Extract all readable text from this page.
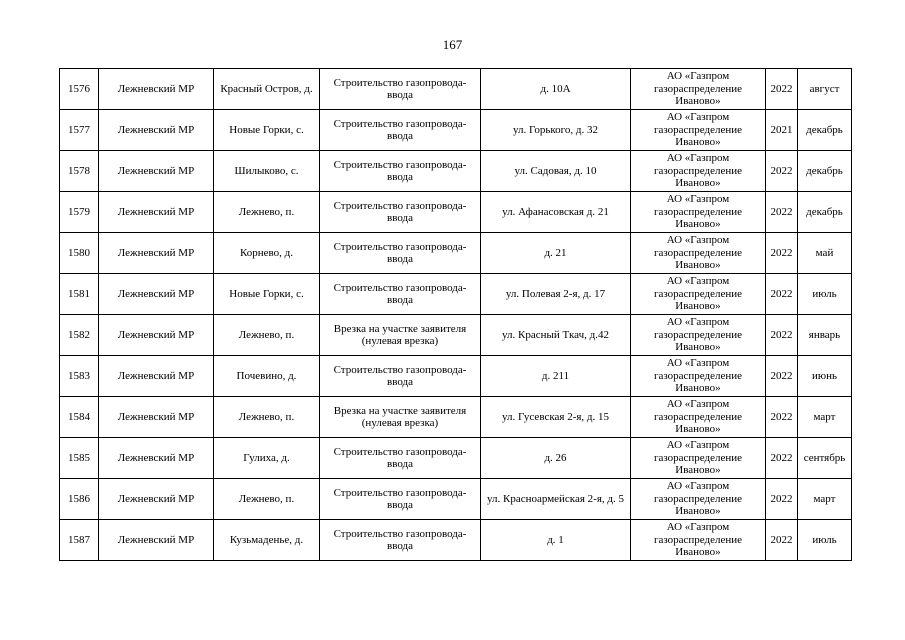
167
1576	Лежневский МР	Красный Остров, д.	Строительство газопровода-ввода	д. 10А	АО «Газпром газораспределение Иваново»	2022	август
1577	Лежневский МР	Новые Горки, с.	Строительство газопровода-ввода	ул. Горького, д. 32	АО «Газпром газораспределение Иваново»	2021	декабрь
1578	Лежневский МР	Шилыково, с.	Строительство газопровода-ввода	ул. Садовая, д. 10	АО «Газпром газораспределение Иваново»	2022	декабрь
1579	Лежневский МР	Лежнево, п.	Строительство газопровода-ввода	ул. Афанасовская д. 21	АО «Газпром газораспределение Иваново»	2022	декабрь
1580	Лежневский МР	Корнево, д.	Строительство газопровода-ввода	д. 21	АО «Газпром газораспределение Иваново»	2022	май
1581	Лежневский МР	Новые Горки, с.	Строительство газопровода-ввода	ул. Полевая 2-я, д. 17	АО «Газпром газораспределение Иваново»	2022	июль
1582	Лежневский МР	Лежнево, п.	Врезка на участке заявителя (нулевая врезка)	ул. Красный Ткач, д.42	АО «Газпром газораспределение Иваново»	2022	январь
1583	Лежневский МР	Почевино, д.	Строительство газопровода-ввода	д. 211	АО «Газпром газораспределение Иваново»	2022	июнь
1584	Лежневский МР	Лежнево, п.	Врезка на участке заявителя (нулевая врезка)	ул. Гусевская 2-я, д. 15	АО «Газпром газораспределение Иваново»	2022	март
1585	Лежневский МР	Гулиха, д.	Строительство газопровода-ввода	д. 26	АО «Газпром газораспределение Иваново»	2022	сентябрь
1586	Лежневский МР	Лежнево, п.	Строительство газопровода-ввода	ул. Красноармейская 2-я, д. 5	АО «Газпром газораспределение Иваново»	2022	март
1587	Лежневский МР	Кузьмаденье, д.	Строительство газопровода-ввода	д. 1	АО «Газпром газораспределение Иваново»	2022	июль
